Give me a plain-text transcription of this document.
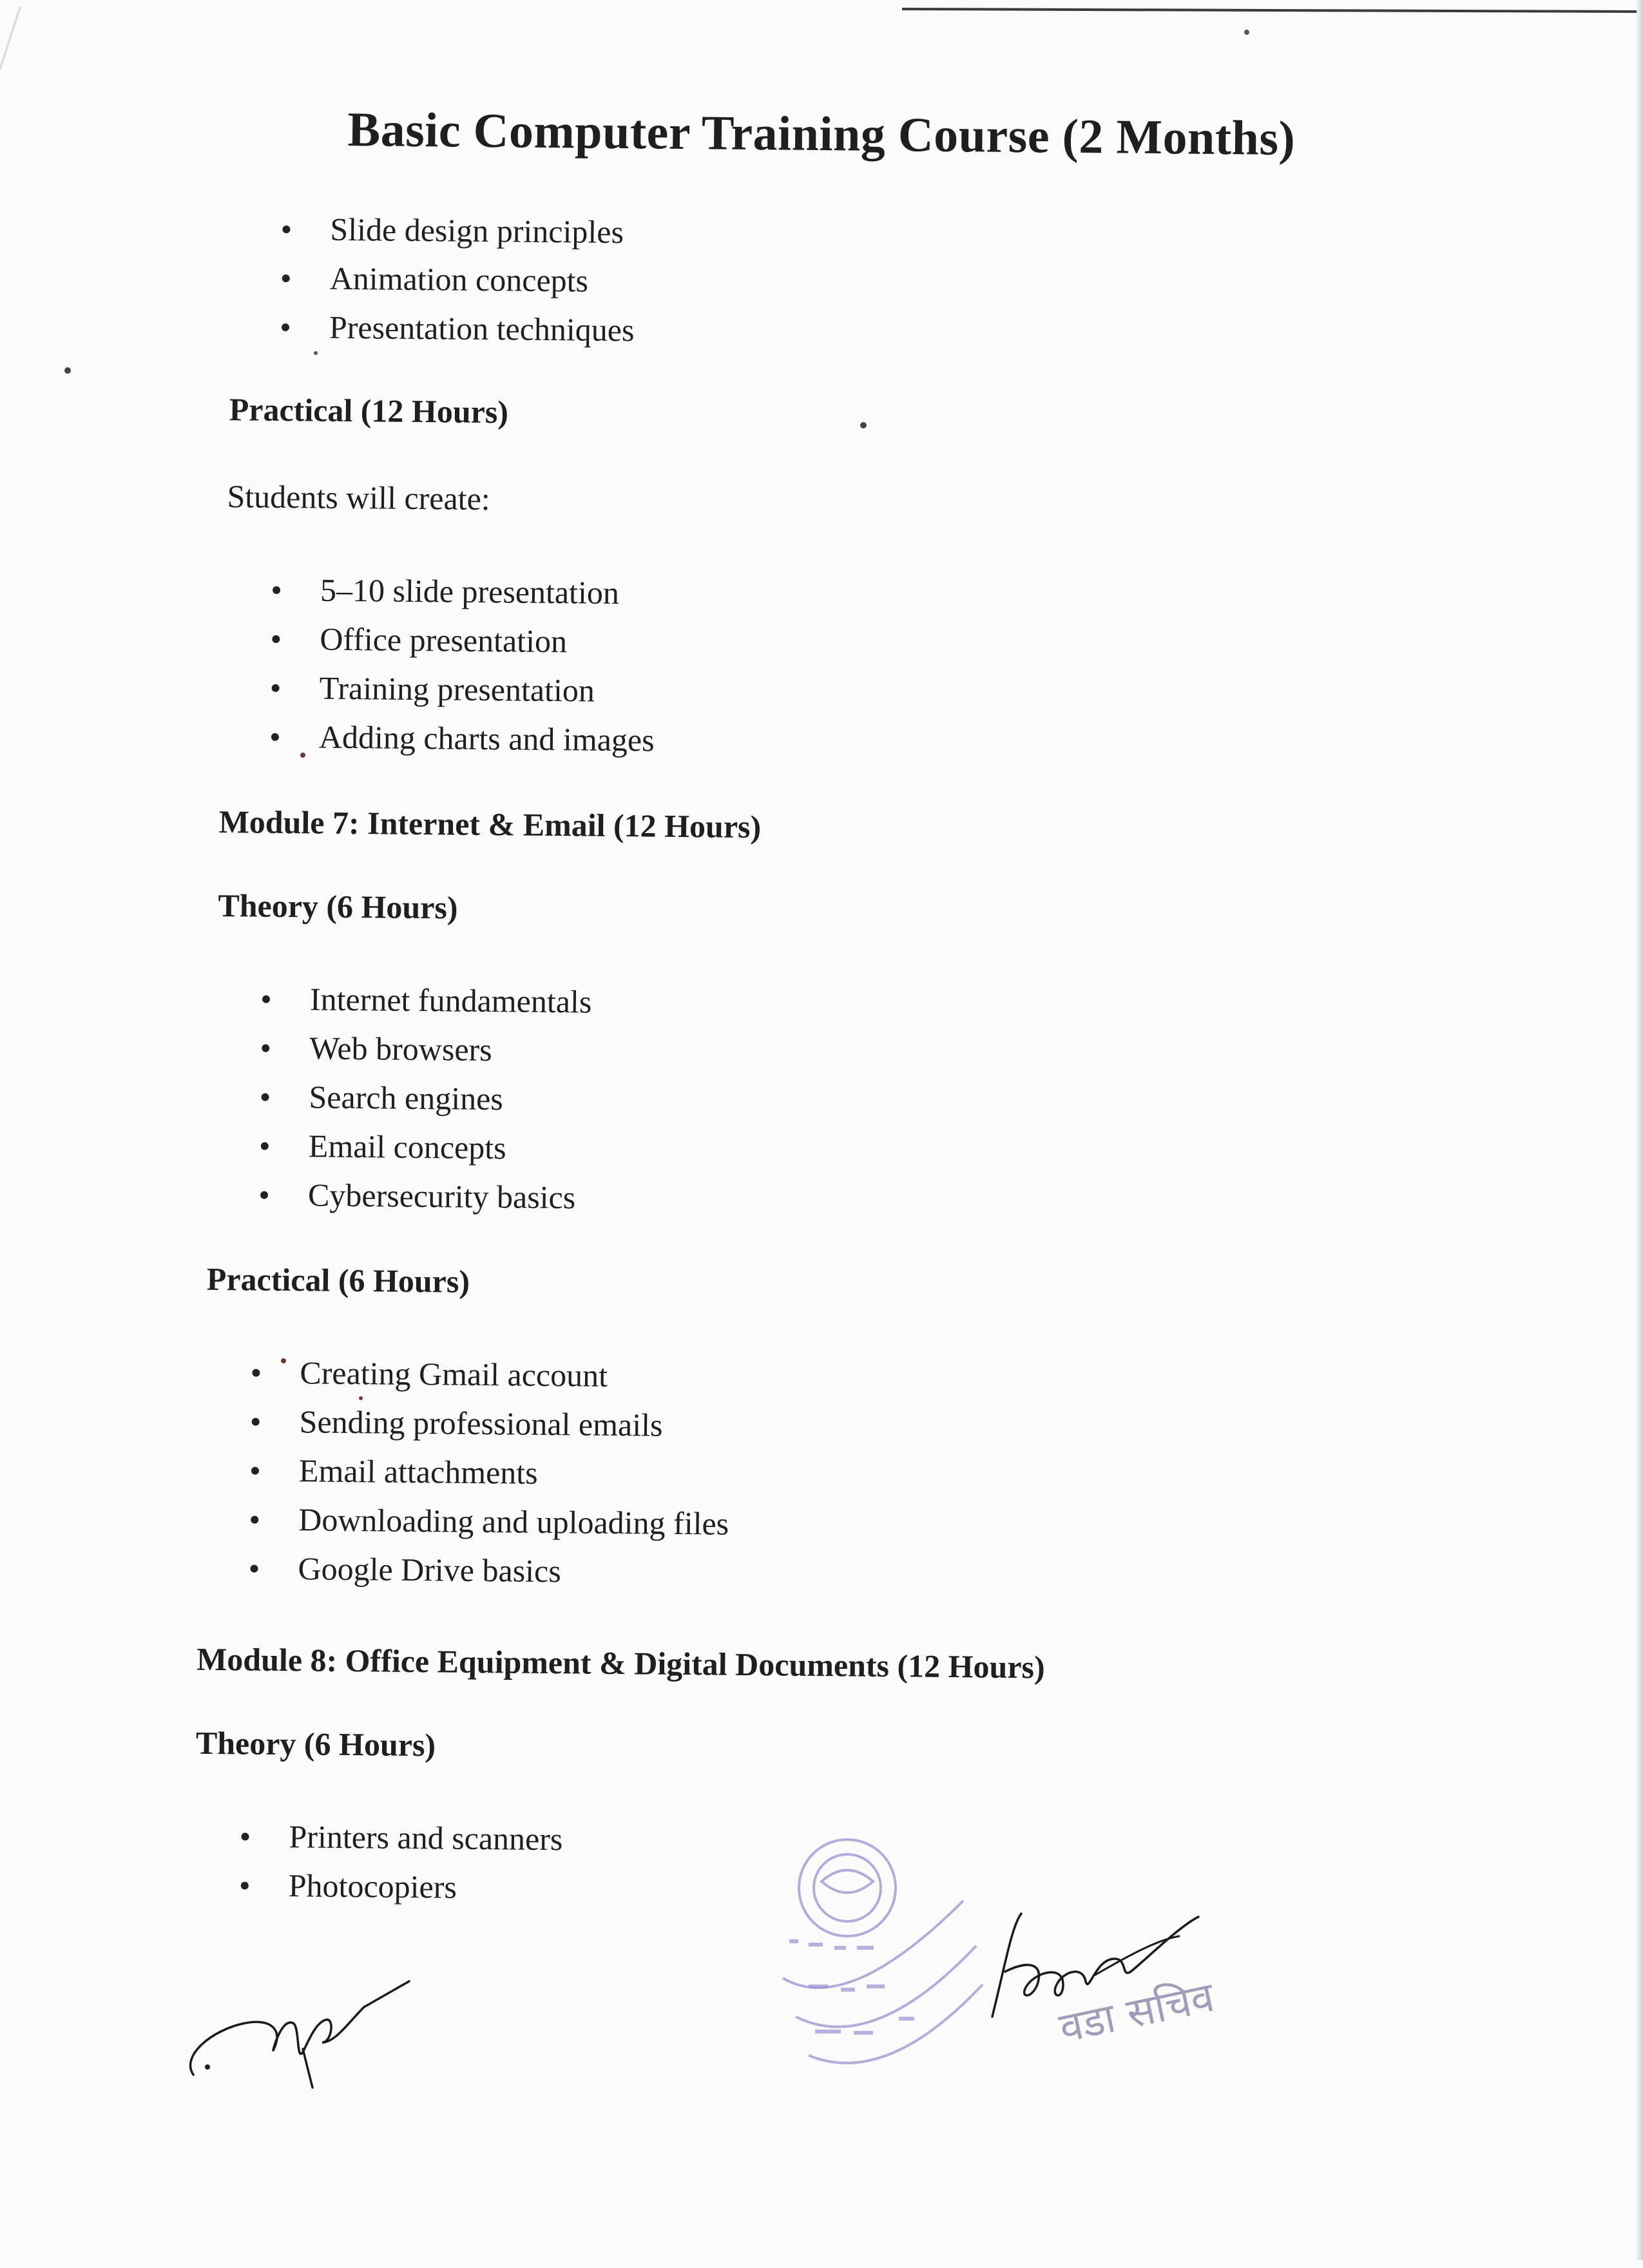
Basic Computer Training Course (2 Months)
Slide design principles
Animation concepts
Presentation techniques
Practical (12 Hours)
Students will create:
5–10 slide presentation
Office presentation
Training presentation
Adding charts and images
Module 7: Internet & Email (12 Hours)
Theory (6 Hours)
Internet fundamentals
Web browsers
Search engines
Email concepts
Cybersecurity basics
Practical (6 Hours)
Creating Gmail account
Sending professional emails
Email attachments
Downloading and uploading files
Google Drive basics
Module 8: Office Equipment & Digital Documents (12 Hours)
Theory (6 Hours)
Printers and scanners
Photocopiers
वडा सचिव
